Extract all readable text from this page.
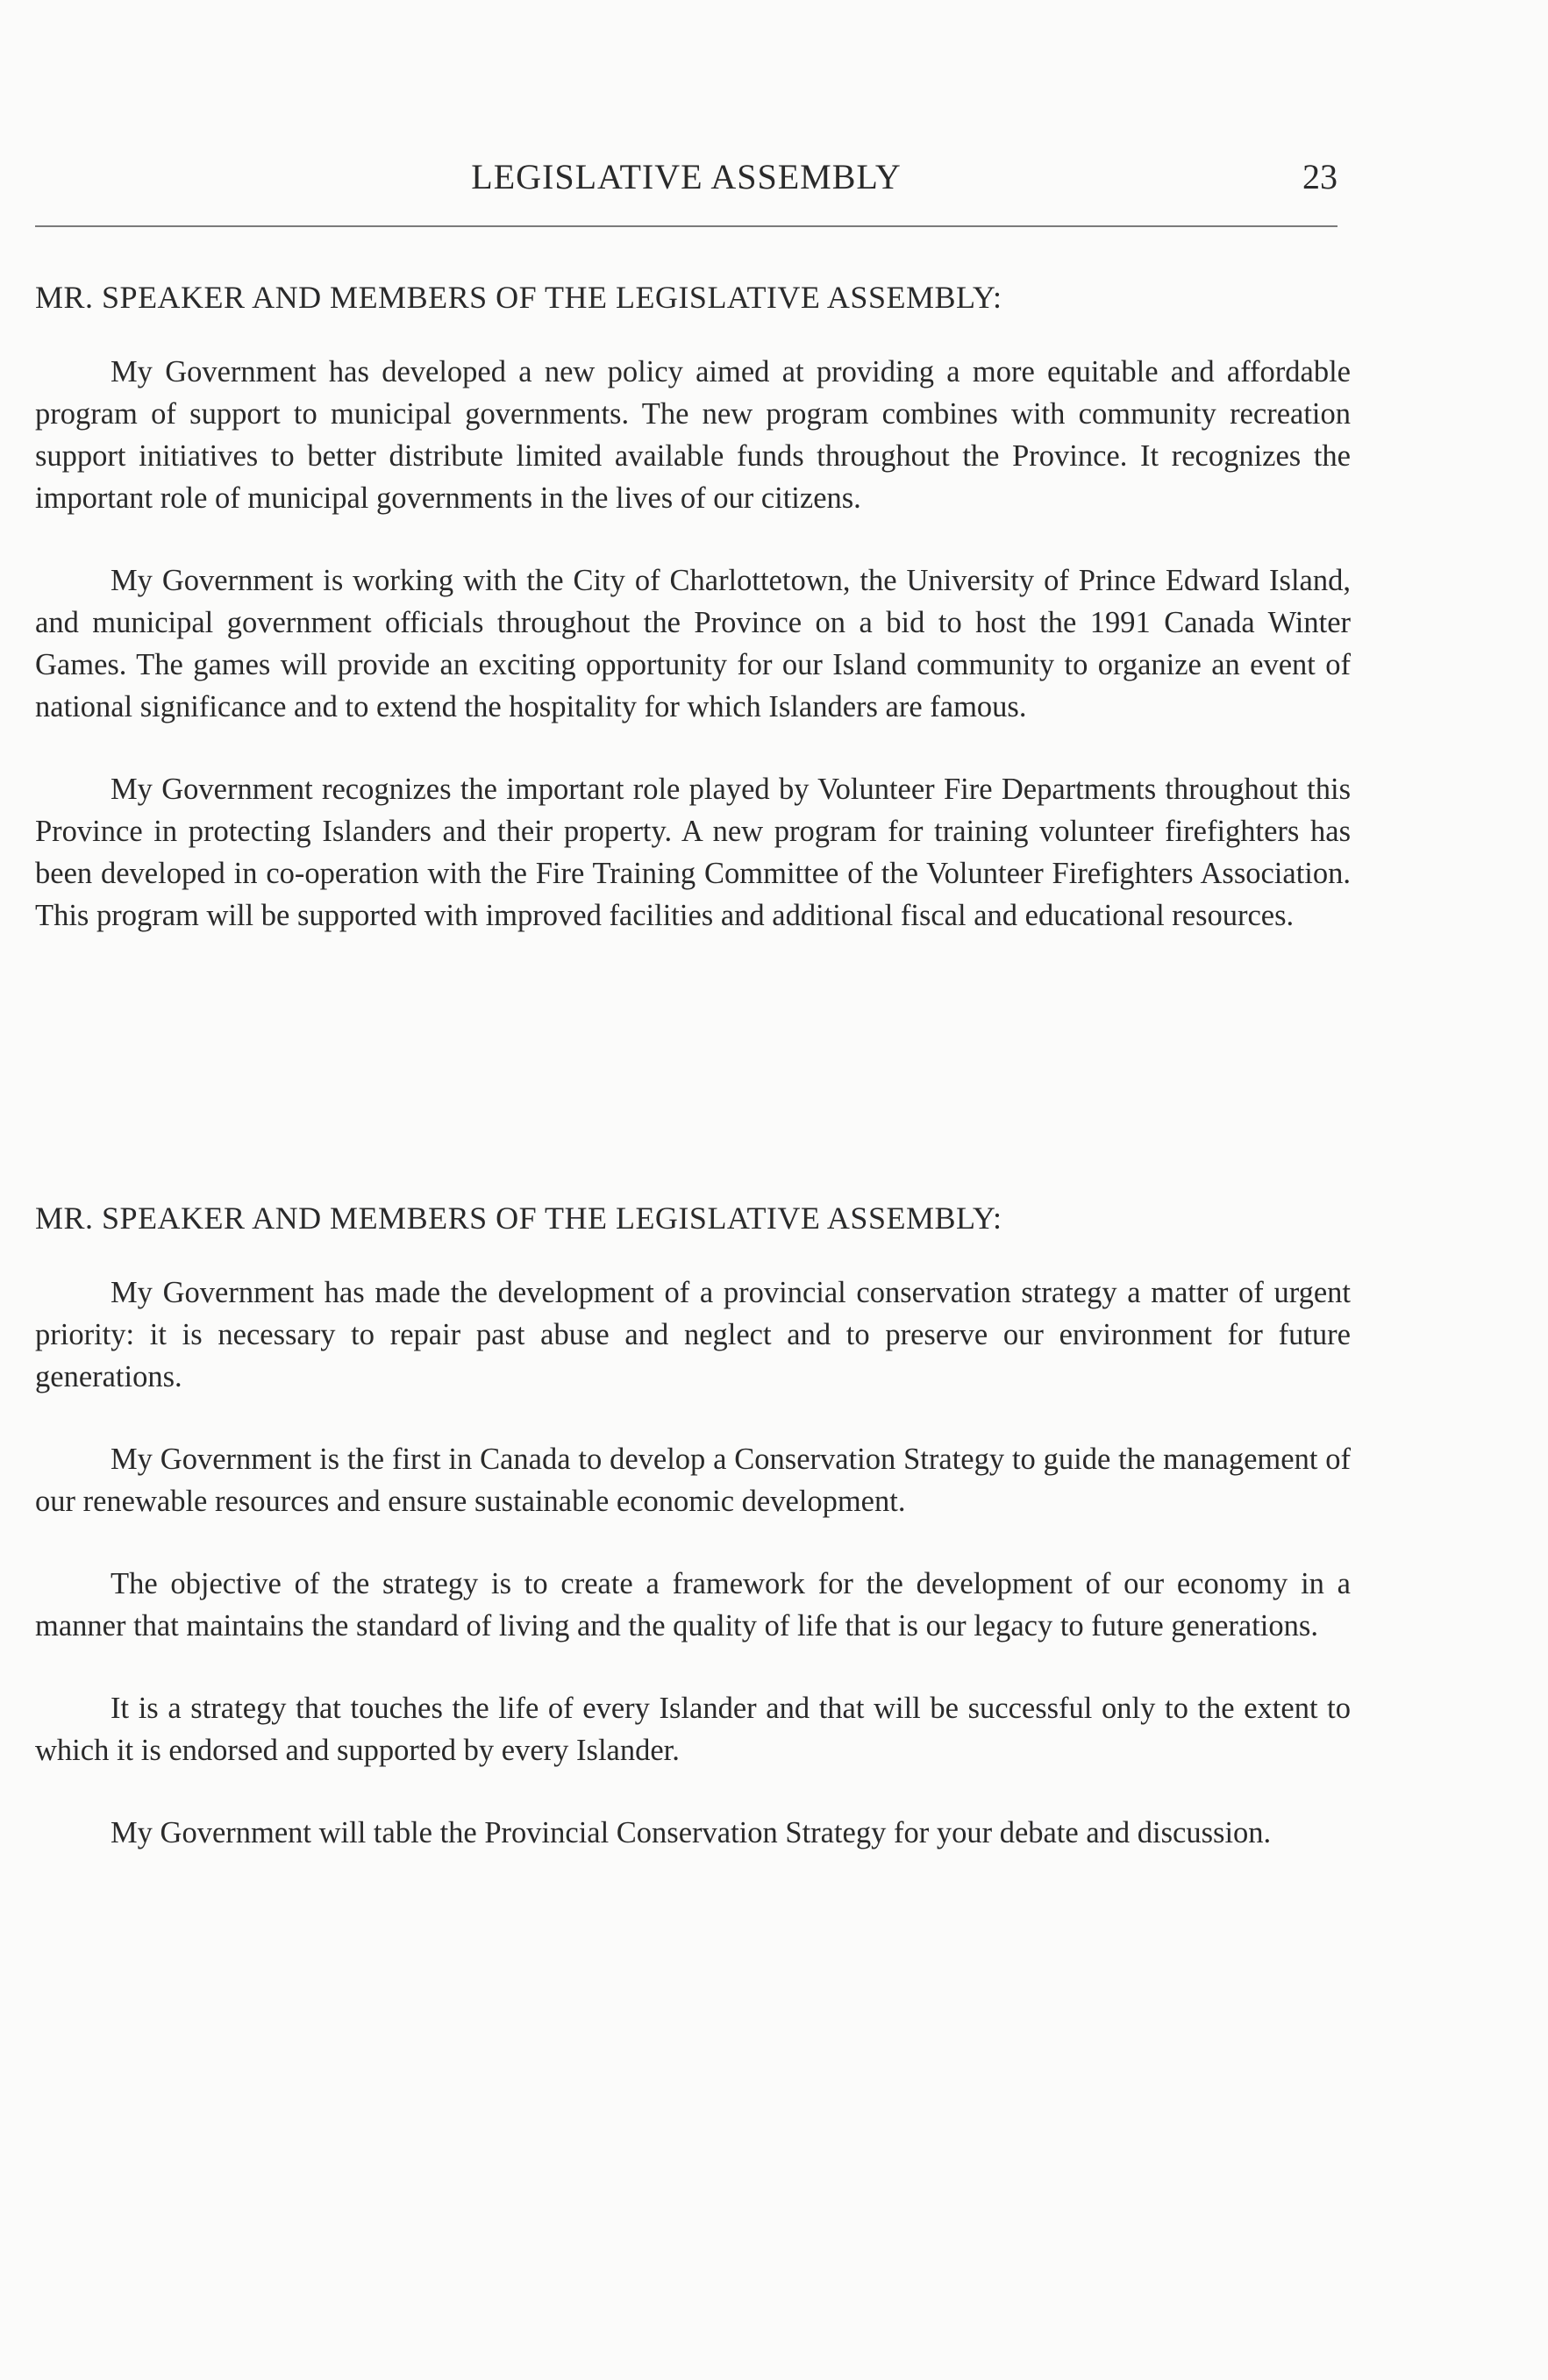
LEGISLATIVE ASSEMBLY	23
MR. SPEAKER AND MEMBERS OF THE LEGISLATIVE ASSEMBLY:

My Government has developed a new policy aimed at providing a more equitable and affordable program of support to municipal governments. The new program combines with community recreation support initiatives to better distribute limited available funds throughout the Province. It recognizes the important role of municipal governments in the lives of our citizens.

My Government is working with the City of Charlottetown, the University of Prince Edward Island, and municipal government officials throughout the Province on a bid to host the 1991 Canada Winter Games. The games will provide an exciting opportunity for our Island community to organize an event of national significance and to extend the hospitality for which Islanders are famous.

My Government recognizes the important role played by Volunteer Fire Departments throughout this Province in protecting Islanders and their property. A new program for training volunteer firefighters has been developed in co-operation with the Fire Training Committee of the Volunteer Firefighters Association. This program will be supported with improved facilities and additional fiscal and educational resources.

MR. SPEAKER AND MEMBERS OF THE LEGISLATIVE ASSEMBLY:

My Government has made the development of a provincial conservation strategy a matter of urgent priority: it is necessary to repair past abuse and neglect and to preserve our environment for future generations.

My Government is the first in Canada to develop a Conservation Strategy to guide the management of our renewable resources and ensure sustainable economic development.

The objective of the strategy is to create a framework for the development of our economy in a manner that maintains the standard of living and the quality of life that is our legacy to future generations.

It is a strategy that touches the life of every Islander and that will be successful only to the extent to which it is endorsed and supported by every Islander.

My Government will table the Provincial Conservation Strategy for your debate and discussion.
